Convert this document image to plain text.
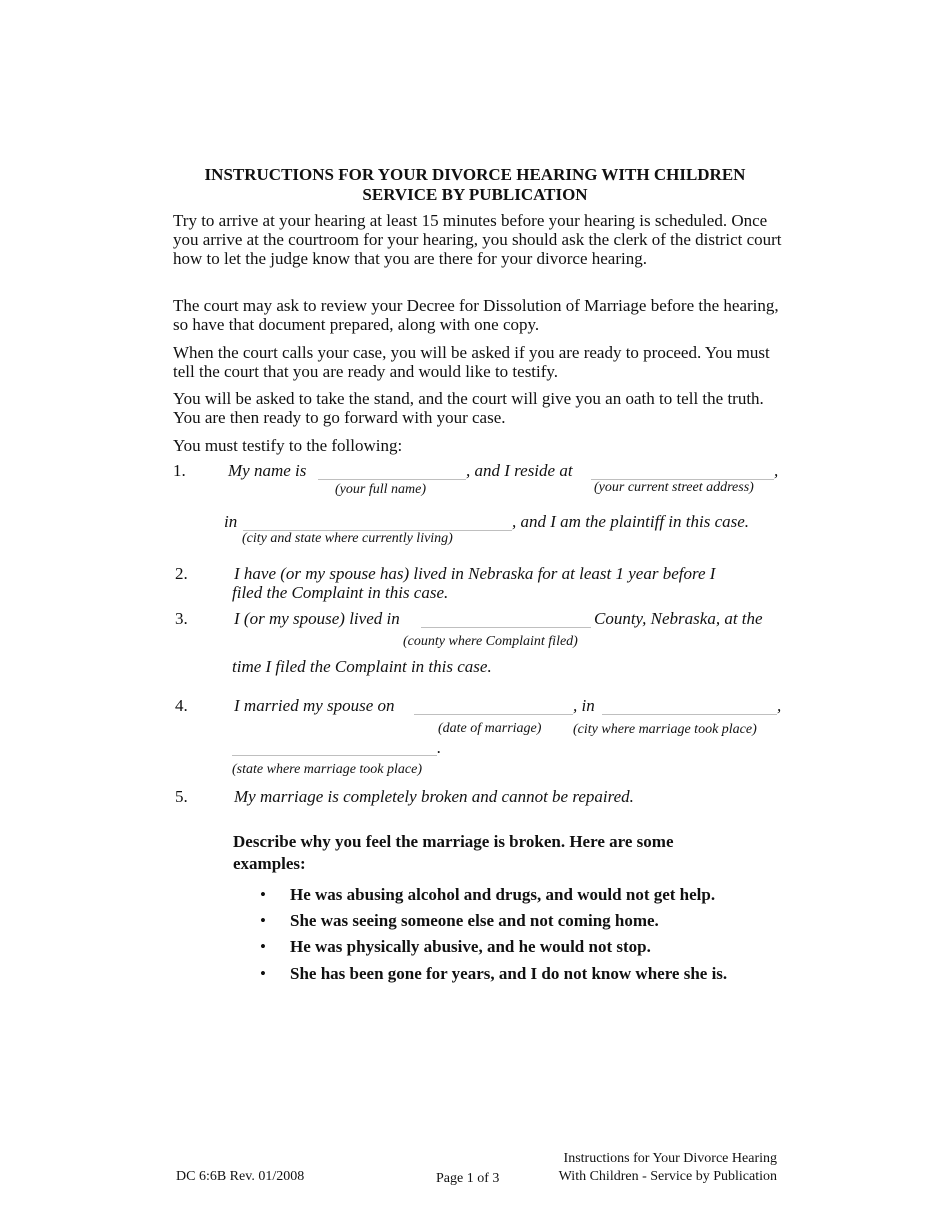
INSTRUCTIONS FOR YOUR DIVORCE HEARING WITH CHILDREN
SERVICE BY PUBLICATION
Try to arrive at your hearing at least 15 minutes before your hearing is scheduled. Once you arrive at the courtroom for your hearing, you should ask the clerk of the district court how to let the judge know that you are there for your divorce hearing.
The court may ask to review your Decree for Dissolution of Marriage before the hearing, so have that document prepared, along with one copy.
When the court calls your case, you will be asked if you are ready to proceed. You must tell the court that you are ready and would like to testify.
You will be asked to take the stand, and the court will give you an oath to tell the truth. You are then ready to go forward with your case.
You must testify to the following:
1. My name is	, and I reside at	,
(your full name)	(your current street address)
in	, and I am the plaintiff in this case.
(city and state where currently living)
2.	I have (or my spouse has) lived in Nebraska for at least 1 year before I
filed the Complaint in this case.
3.	I (or my spouse) lived in	County, Nebraska, at the
(county where Complaint filed)
time I filed the Complaint in this case.
4.	I married my spouse on	, in	,
(date of marriage) (city where marriage took place)
.
(state where marriage took place)
5.	My marriage is completely broken and cannot be repaired.
Describe why you feel the marriage is broken. Here are some
examples:
• He was abusing alcohol and drugs, and would not get help.
• She was seeing someone else and not coming home.
• He was physically abusive, and he would not stop.
• She has been gone for years, and I do not know where she is.
DC 6:6B Rev. 01/2008	Page 1 of 3
Instructions for Your Divorce Hearing
With Children - Service by Publication
